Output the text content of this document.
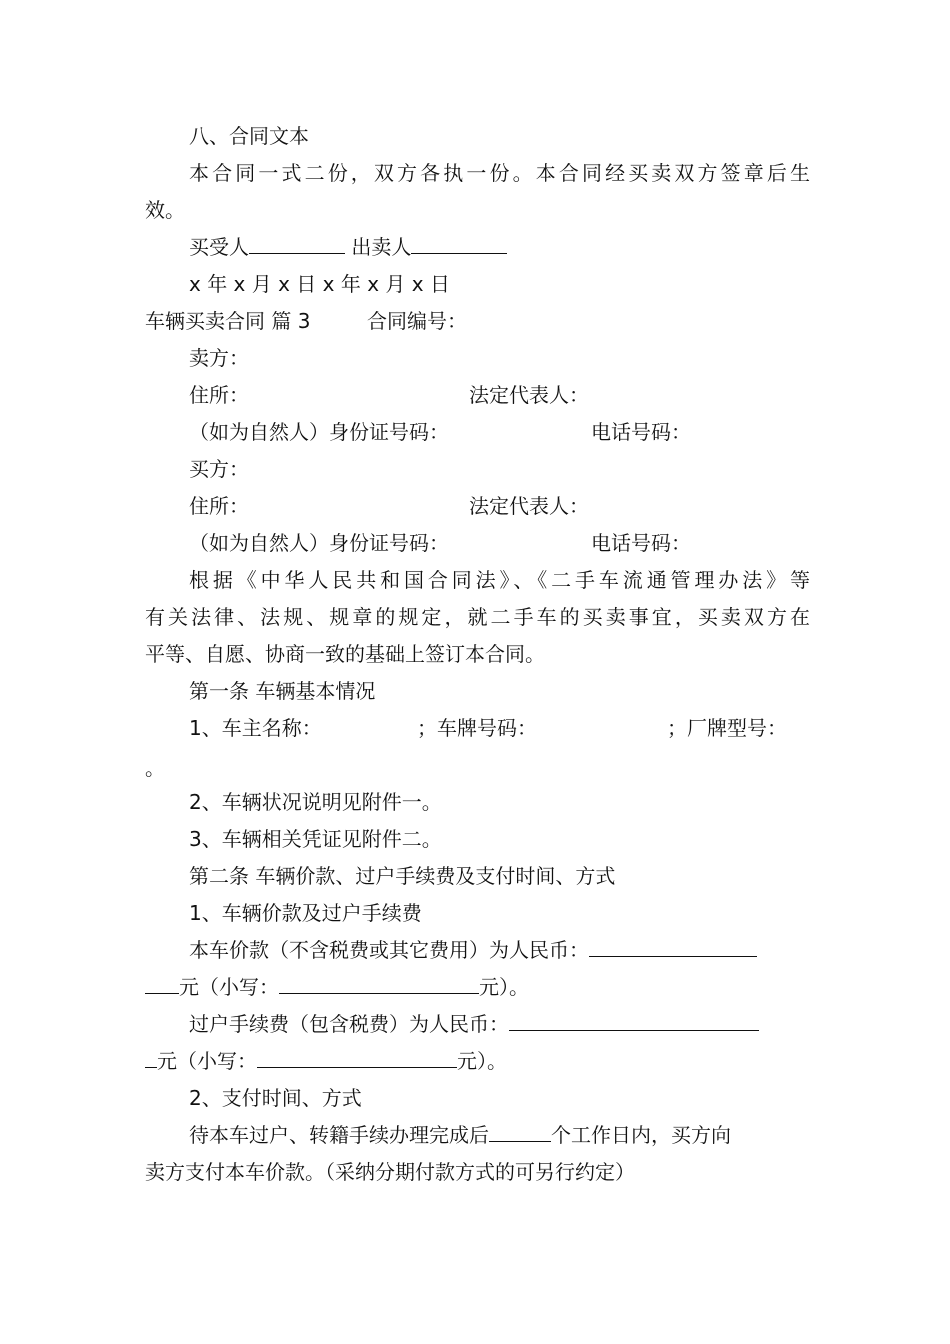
八、合同文本
本合同一式二份，双方各执一份。本合同经买卖双方签章后生
效。
买受人	出卖人
x 年 x 月 x 日 x 年 x 月 x 日
车辆买卖合同 篇 3	合同编号：
卖方：
住所：	法定代表人：
（如为自然人）身份证号码：	电话号码：
买方：
住所：	法定代表人：
（如为自然人）身份证号码：	电话号码：
根据《中华人民共和国合同法》、《二手车流通管理办法》等
有关法律、法规、规章的规定，就二手车的买卖事宜，买卖双方在
平等、自愿、协商一致的基础上签订本合同。
第一条 车辆基本情况
1、车主名称：	；车牌号码：	；厂牌型号：
。
2、车辆状况说明见附件一。
3、车辆相关凭证见附件二。
第二条 车辆价款、过户手续费及支付时间、方式
1、车辆价款及过户手续费
本车价款（不含税费或其它费用）为人民币：
元（小写：	元）。
过户手续费（包含税费）为人民币：
元（小写：	元）。
2、支付时间、方式
待本车过户、转籍手续办理完成后	个工作日内，买方向
卖方支付本车价款。（采纳分期付款方式的可另行约定）
